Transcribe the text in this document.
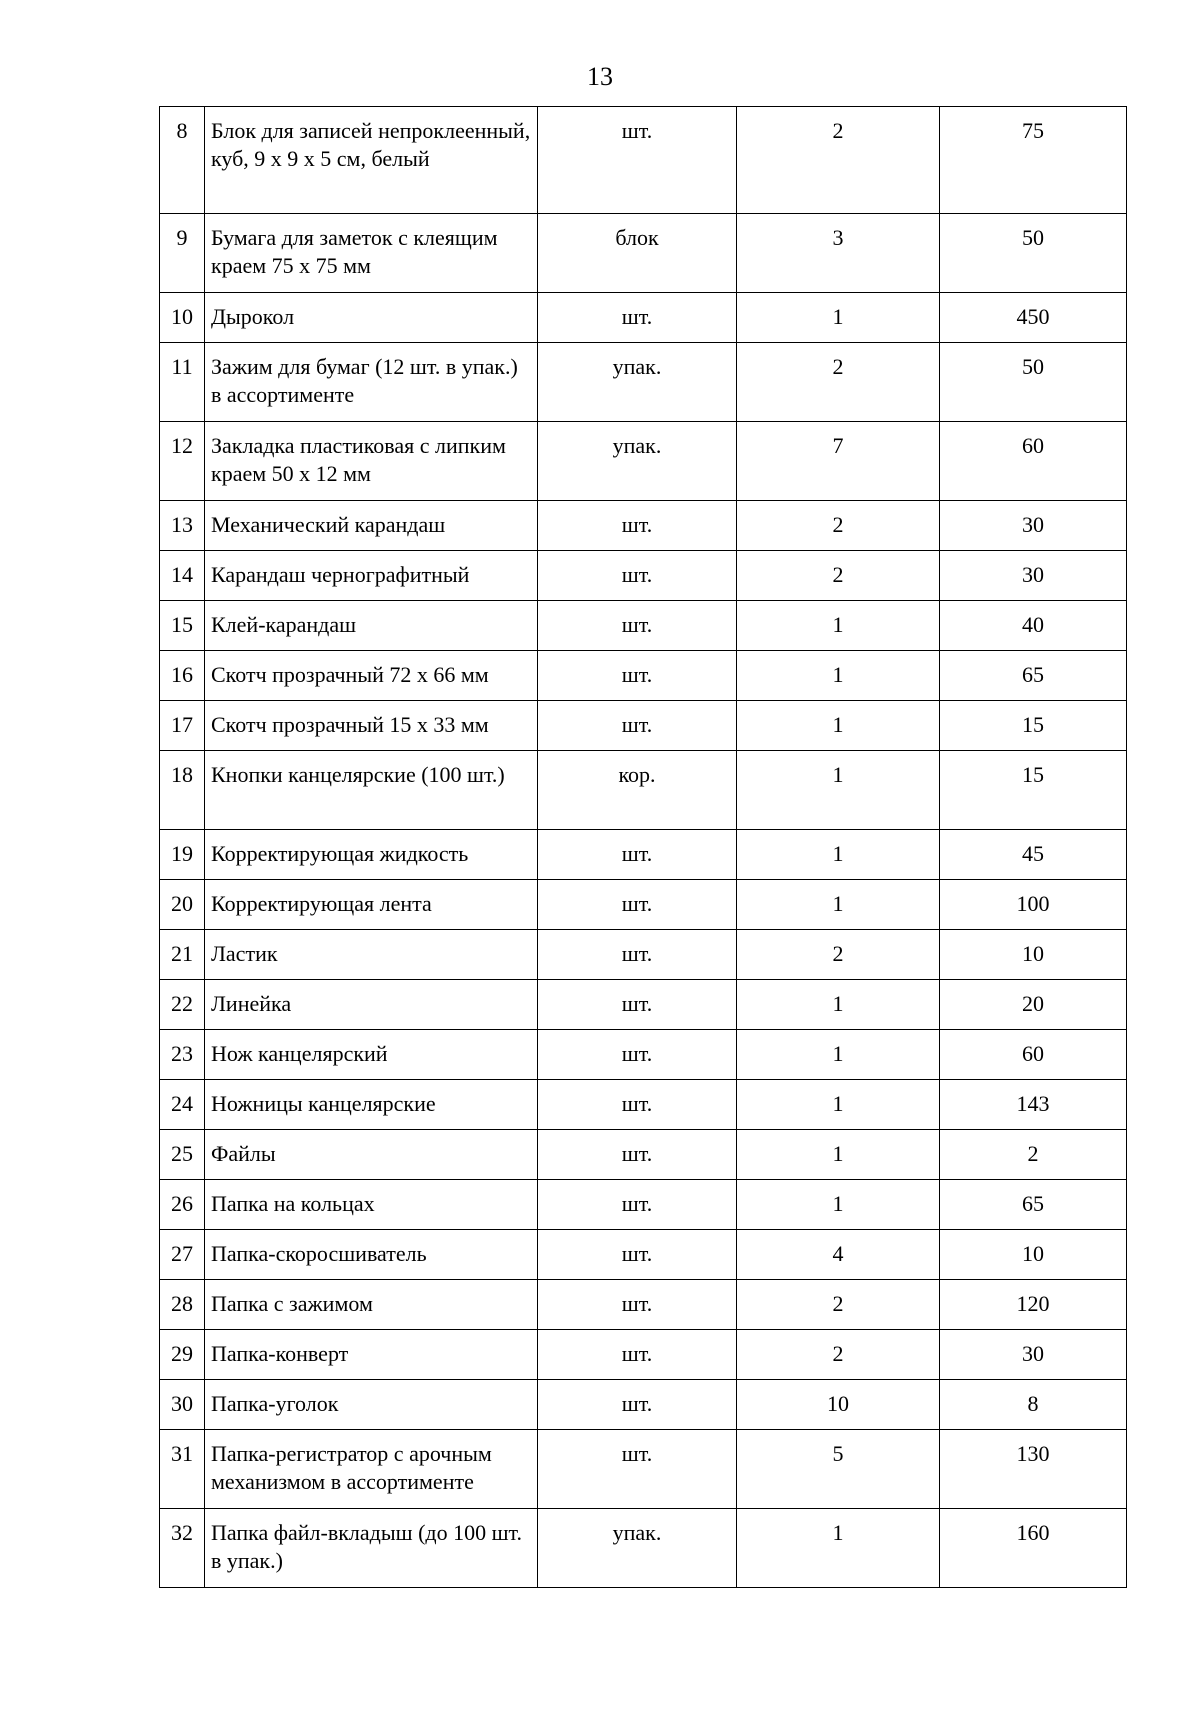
13
8	Блок для записей непроклеенный, куб, 9 х 9 х 5 см, белый	шт.	2	75
9	Бумага для заметок с клеящим краем 75 х 75 мм	блок	3	50
10	Дырокол	шт.	1	450
11	Зажим для бумаг (12 шт. в упак.) в ассортименте	упак.	2	50
12	Закладка пластиковая с липким краем 50 х 12 мм	упак.	7	60
13	Механический карандаш	шт.	2	30
14	Карандаш чернографитный	шт.	2	30
15	Клей-карандаш	шт.	1	40
16	Скотч прозрачный 72 х 66 мм	шт.	1	65
17	Скотч прозрачный 15 х 33 мм	шт.	1	15
18	Кнопки канцелярские (100 шт.)	кор.	1	15
19	Корректирующая жидкость	шт.	1	45
20	Корректирующая лента	шт.	1	100
21	Ластик	шт.	2	10
22	Линейка	шт.	1	20
23	Нож канцелярский	шт.	1	60
24	Ножницы канцелярские	шт.	1	143
25	Файлы	шт.	1	2
26	Папка на кольцах	шт.	1	65
27	Папка-скоросшиватель	шт.	4	10
28	Папка с зажимом	шт.	2	120
29	Папка-конверт	шт.	2	30
30	Папка-уголок	шт.	10	8
31	Папка-регистратор с арочным механизмом в ассортименте	шт.	5	130
32	Папка файл-вкладыш (до 100 шт. в упак.)	упак.	1	160
